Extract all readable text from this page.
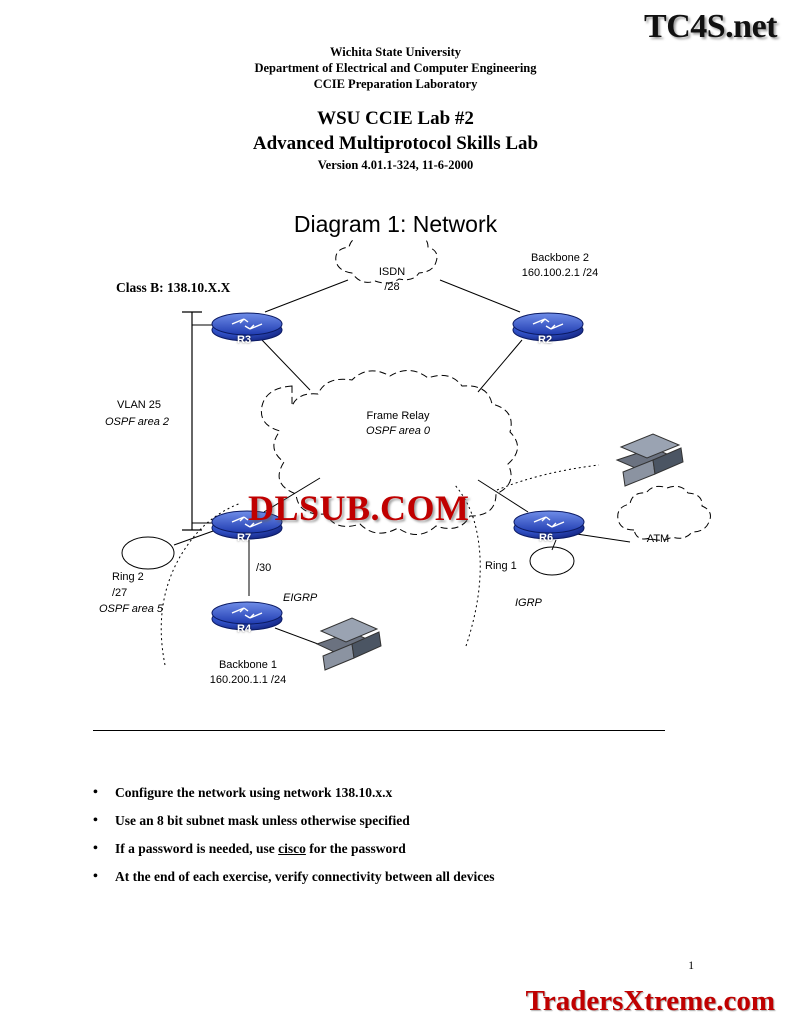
TC4S.net
Wichita State University
Department of Electrical and Computer Engineering
CCIE Preparation Laboratory
WSU CCIE Lab #2
Advanced Multiprotocol Skills Lab
Version 4.01.1-324, 11-6-2000
Diagram 1: Network
R3	R2
R7	R6
R4
ISDN
/28
Frame Relay
OSPF area 0
ATM
Class B: 138.10.X.X
Backbone 2
160.100.2.1 /24
VLAN 25
OSPF area 2
Ring 2
/27
OSPF area 5
/30
EIGRP
Ring 1
IGRP
Backbone 1
160.200.1.1 /24
DLSUB.COM
•	Configure the network using network 138.10.x.x
•	Use an 8 bit subnet mask unless otherwise specified
•	If a password is needed, use cisco for the password
•	At the end of each exercise, verify connectivity between all devices
1
TradersXtreme.com
